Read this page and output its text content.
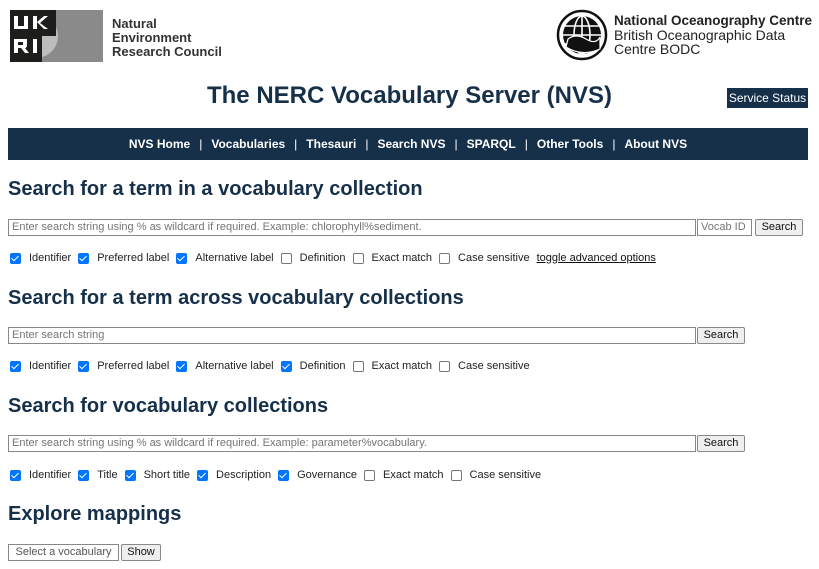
Natural
Environment
Research Council
National Oceanography Centre
British Oceanographic Data
Centre BODC
The NERC Vocabulary Server (NVS)	Service Status
NVS Home | Vocabularies | Thesauri | Search NVS | SPARQL | Other Tools | About NVS
Search for a term in a vocabulary collection
Enter search string using % as wildcard if required. Example: chlorophyll%sediment.	Vocab ID	Search
Identifier Preferred label Alternative label Definition Exact match Case sensitive toggle advanced options
Search for a term across vocabulary collections
Enter search string	Search
Identifier Preferred label Alternative label Definition Exact match Case sensitive
Search for vocabulary collections
Enter search string using % as wildcard if required. Example: parameter%vocabulary.	Search
Identifier Title Short title Description Governance Exact match Case sensitive
Explore mappings
Select a vocabulary	Show
